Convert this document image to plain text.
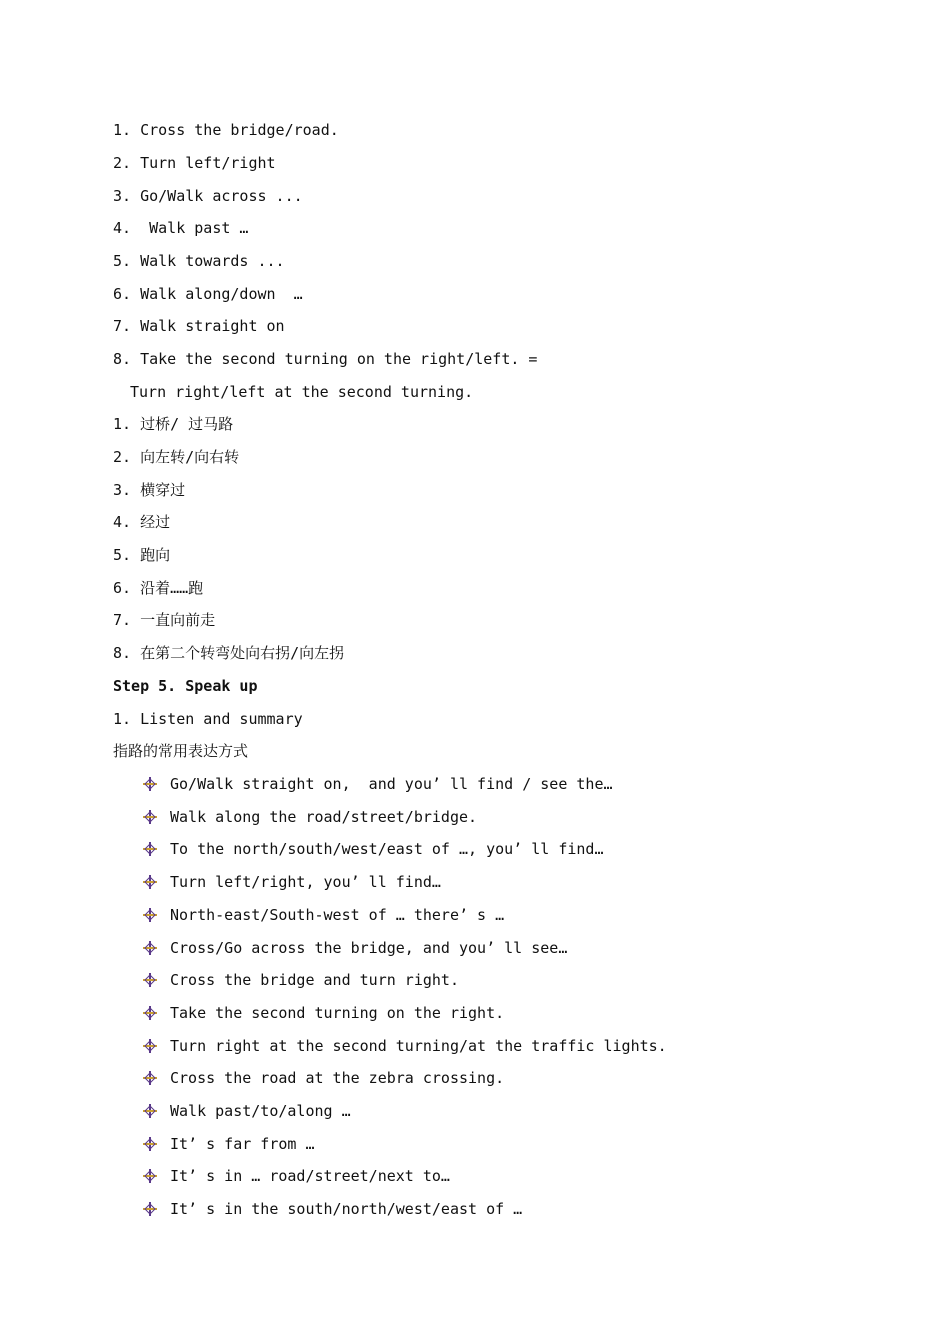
1. Cross the bridge/road.
2. Turn left/right
3. Go/Walk across ...
4.  Walk past …
5. Walk towards ...
6. Walk along/down  …
7. Walk straight on
8. Take the second turning on the right/left. =
Turn right/left at the second turning.
1. 过桥/ 过马路
2. 向左转/向右转
3. 横穿过
4. 经过
5. 跑向
6. 沿着……跑
7. 一直向前走
8. 在第二个转弯处向右拐/向左拐
Step 5. Speak up
1. Listen and summary
指路的常用表达方式
Go/Walk straight on,  and you’ ll find / see the…
Walk along the road/street/bridge.
To the north/south/west/east of …, you’ ll find…
Turn left/right, you’ ll find…
North-east/South-west of … there’ s …
Cross/Go across the bridge, and you’ ll see…
Cross the bridge and turn right.
Take the second turning on the right.
Turn right at the second turning/at the traffic lights.
Cross the road at the zebra crossing.
Walk past/to/along …
It’ s far from …
It’ s in … road/street/next to…
It’ s in the south/north/west/east of …
